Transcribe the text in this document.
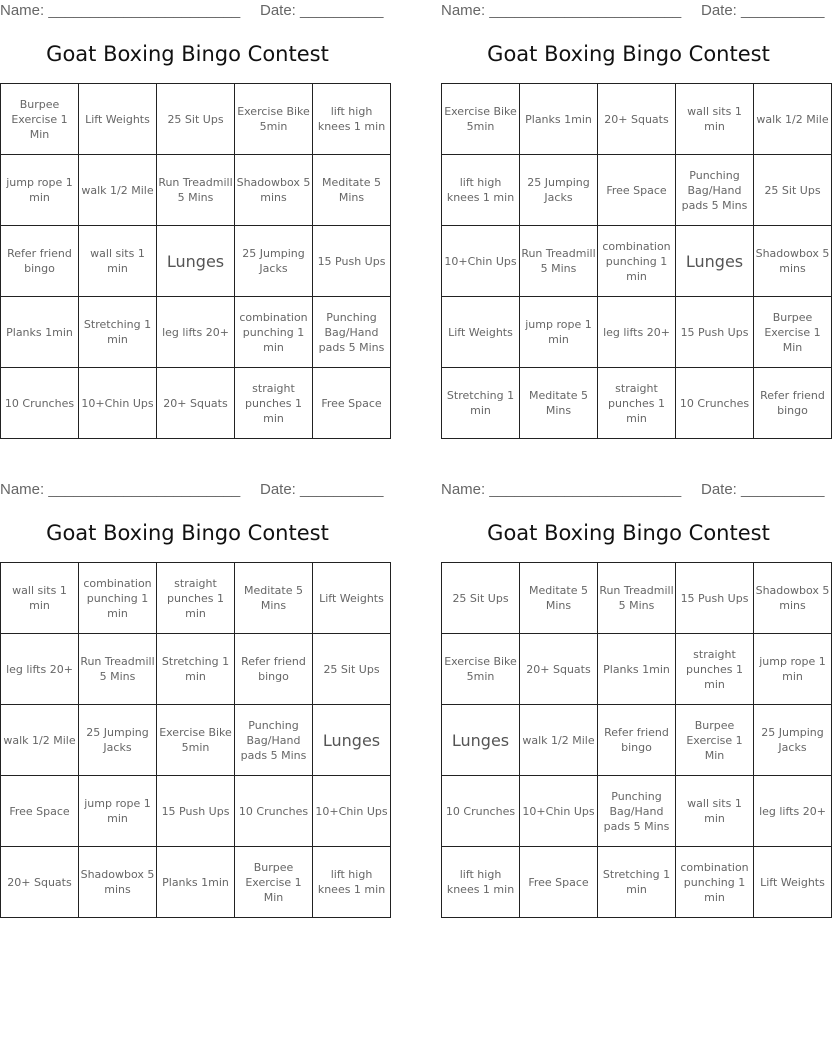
Name: _______________________ Date: __________
Goat Boxing Bingo Contest
Burpee Exercise 1 Min	Lift Weights	25 Sit Ups	Exercise Bike 5min	lift high knees 1 min
jump rope 1 min	walk 1/2 Mile	Run Treadmill 5 Mins	Shadowbox 5 mins	Meditate 5 Mins
Refer friend bingo	wall sits 1 min	Lunges	25 Jumping Jacks	15 Push Ups
Planks 1min	Stretching 1 min	leg lifts 20+	combination punching 1 min	Punching Bag/Hand pads 5 Mins
10 Crunches	10+Chin Ups	20+ Squats	straight punches 1 min	Free Space
Name: _______________________ Date: __________
Goat Boxing Bingo Contest
Exercise Bike 5min	Planks 1min	20+ Squats	wall sits 1 min	walk 1/2 Mile
lift high knees 1 min	25 Jumping Jacks	Free Space	Punching Bag/Hand pads 5 Mins	25 Sit Ups
10+Chin Ups	Run Treadmill 5 Mins	combination punching 1 min	Lunges	Shadowbox 5 mins
Lift Weights	jump rope 1 min	leg lifts 20+	15 Push Ups	Burpee Exercise 1 Min
Stretching 1 min	Meditate 5 Mins	straight punches 1 min	10 Crunches	Refer friend bingo
Name: _______________________ Date: __________
Goat Boxing Bingo Contest
wall sits 1 min	combination punching 1 min	straight punches 1 min	Meditate 5 Mins	Lift Weights
leg lifts 20+	Run Treadmill 5 Mins	Stretching 1 min	Refer friend bingo	25 Sit Ups
walk 1/2 Mile	25 Jumping Jacks	Exercise Bike 5min	Punching Bag/Hand pads 5 Mins	Lunges
Free Space	jump rope 1 min	15 Push Ups	10 Crunches	10+Chin Ups
20+ Squats	Shadowbox 5 mins	Planks 1min	Burpee Exercise 1 Min	lift high knees 1 min
Name: _______________________ Date: __________
Goat Boxing Bingo Contest
25 Sit Ups	Meditate 5 Mins	Run Treadmill 5 Mins	15 Push Ups	Shadowbox 5 mins
Exercise Bike 5min	20+ Squats	Planks 1min	straight punches 1 min	jump rope 1 min
Lunges	walk 1/2 Mile	Refer friend bingo	Burpee Exercise 1 Min	25 Jumping Jacks
10 Crunches	10+Chin Ups	Punching Bag/Hand pads 5 Mins	wall sits 1 min	leg lifts 20+
lift high knees 1 min	Free Space	Stretching 1 min	combination punching 1 min	Lift Weights
